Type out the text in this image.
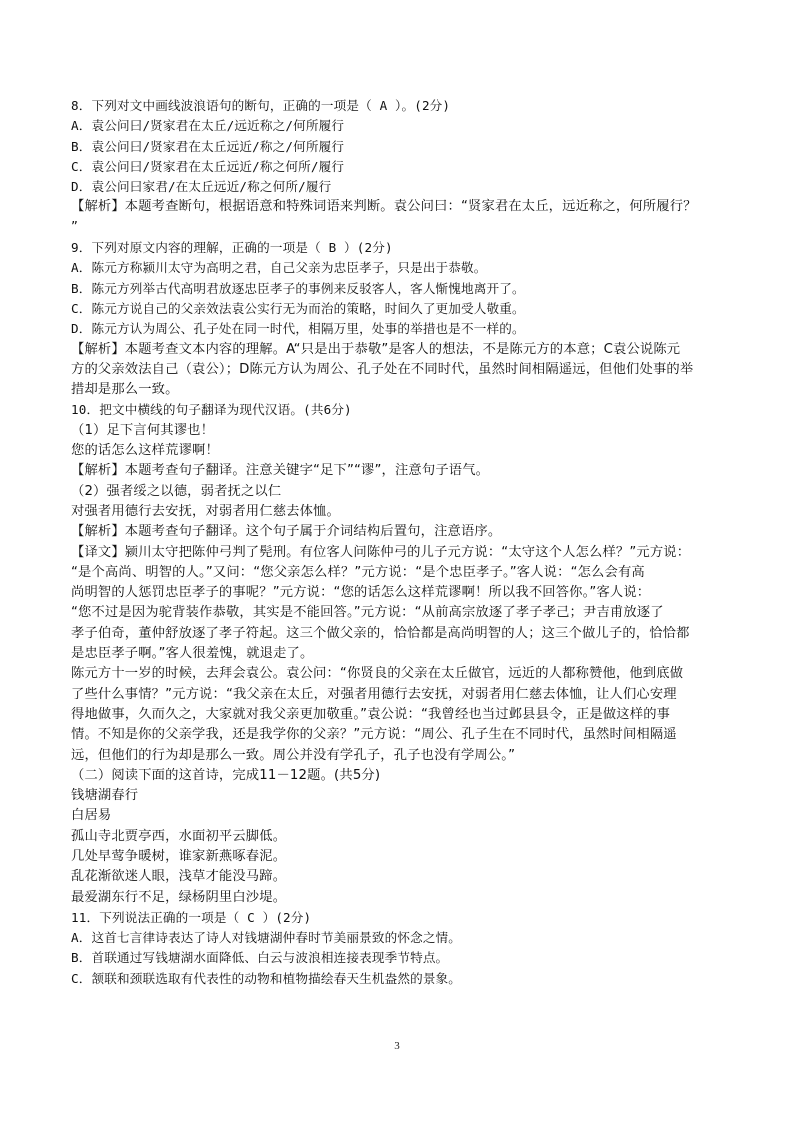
8．下列对文中画线波浪语句的断句，正确的一项是（ A ）。(2分)
A．袁公问曰/贤家君在太丘/远近称之/何所履行
B．袁公问曰/贤家君在太丘远近/称之/何所履行
C．袁公问曰/贤家君在太丘远近/称之何所/履行
D．袁公问曰家君/在太丘远近/称之何所/履行
【解析】本题考查断句，根据语意和特殊词语来判断。袁公问曰：“贤家君在太丘，远近称之，何所履行？
”
9．下列对原文内容的理解，正确的一项是（ B ）(2分)
A．陈元方称颍川太守为高明之君，自己父亲为忠臣孝子，只是出于恭敬。
B．陈元方列举古代高明君放逐忠臣孝子的事例来反驳客人，客人惭愧地离开了。
C．陈元方说自己的父亲效法袁公实行无为而治的策略，时间久了更加受人敬重。
D．陈元方认为周公、孔子处在同一时代，相隔万里，处事的举措也是不一样的。
【解析】本题考查文本内容的理解。A“只是出于恭敬”是客人的想法，不是陈元方的本意；C袁公说陈元
方的父亲效法自己（袁公）；D陈元方认为周公、孔子处在不同时代，虽然时间相隔遥远，但他们处事的举
措却是那么一致。
10．把文中横线的句子翻译为现代汉语。(共6分)
（1）足下言何其谬也！
您的话怎么这样荒谬啊！
【解析】本题考查句子翻译。注意关键字“足下”“谬”，注意句子语气。
（2）强者绥之以德，弱者抚之以仁
对强者用德行去安抚，对弱者用仁慈去体恤。
【解析】本题考查句子翻译。这个句子属于介词结构后置句，注意语序。
【译文】颍川太守把陈仲弓判了髡刑。有位客人问陈仲弓的儿子元方说：“太守这个人怎么样？”元方说：
“是个高尚、明智的人。”又问：“您父亲怎么样？”元方说：“是个忠臣孝子。”客人说：“怎么会有高
尚明智的人惩罚忠臣孝子的事呢？”元方说：“您的话怎么这样荒谬啊！所以我不回答你。”客人说：
“您不过是因为驼背装作恭敬，其实是不能回答。”元方说：“从前高宗放逐了孝子孝己；尹吉甫放逐了
孝子伯奇，董仲舒放逐了孝子符起。这三个做父亲的，恰恰都是高尚明智的人；这三个做儿子的，恰恰都
是忠臣孝子啊。”客人很羞愧，就退走了。
陈元方十一岁的时候，去拜会袁公。袁公问：“你贤良的父亲在太丘做官，远近的人都称赞他，他到底做
了些什么事情？”元方说：“我父亲在太丘，对强者用德行去安抚，对弱者用仁慈去体恤，让人们心安理
得地做事，久而久之，大家就对我父亲更加敬重。”袁公说：“我曾经也当过邺县县令，正是做这样的事
情。不知是你的父亲学我，还是我学你的父亲？”元方说：“周公、孔子生在不同时代，虽然时间相隔遥
远，但他们的行为却是那么一致。周公并没有学孔子，孔子也没有学周公。”
（二）阅读下面的这首诗，完成11－12题。(共5分)
钱塘湖春行
白居易
孤山寺北贾亭西，水面初平云脚低。
几处早莺争暖树，谁家新燕啄春泥。
乱花渐欲迷人眼，浅草才能没马蹄。
最爱湖东行不足，绿杨阴里白沙堤。
11．下列说法正确的一项是（ C ）(2分)
A．这首七言律诗表达了诗人对钱塘湖仲春时节美丽景致的怀念之情。
B．首联通过写钱塘湖水面降低、白云与波浪相连接表现季节特点。
C．颔联和颈联选取有代表性的动物和植物描绘春天生机盎然的景象。
3
